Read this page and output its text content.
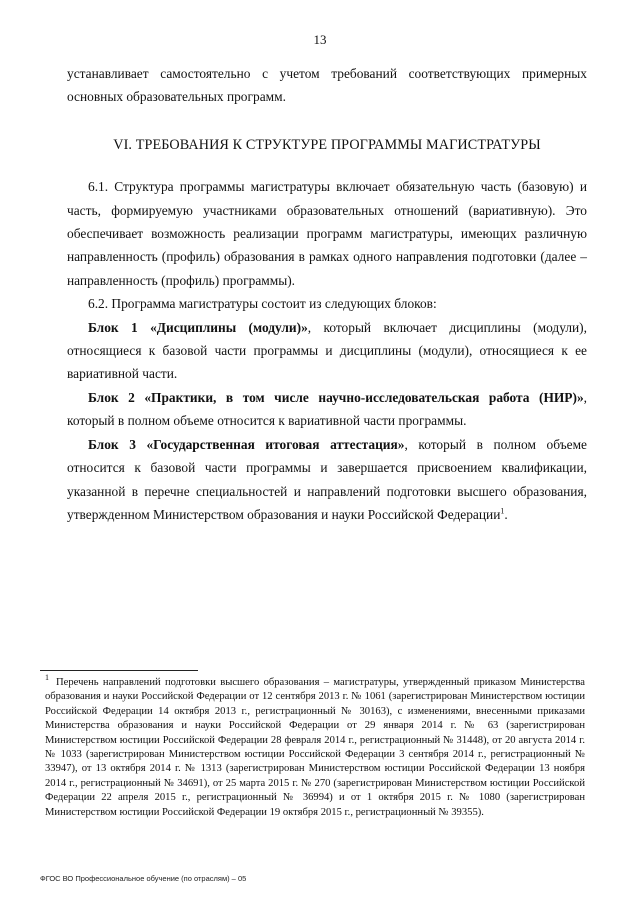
13

устанавливает самостоятельно с учетом требований соответствующих примерных основных образовательных программ.

VI. ТРЕБОВАНИЯ К СТРУКТУРЕ ПРОГРАММЫ МАГИСТРАТУРЫ

6.1. Структура программы магистратуры включает обязательную часть (базовую) и часть, формируемую участниками образовательных отношений (вариативную). Это обеспечивает возможность реализации программ магистратуры, имеющих различную направленность (профиль) образования в рамках одного направления подготовки (далее – направленность (профиль) программы).

6.2. Программа магистратуры состоит из следующих блоков:

Блок 1 «Дисциплины (модули)», который включает дисциплины (модули), относящиеся к базовой части программы и дисциплины (модули), относящиеся к ее вариативной части.

Блок 2 «Практики, в том числе научно-исследовательская работа (НИР)», который в полном объеме относится к вариативной части программы.

Блок 3 «Государственная итоговая аттестация», который в полном объеме относится к базовой части программы и завершается присвоением квалификации, указанной в перечне специальностей и направлений подготовки высшего образования, утвержденном Министерством образования и науки Российской Федерации$^1$.

$^1$ Перечень направлений подготовки высшего образования – магистратуры, утвержденный приказом Министерства образования и науки Российской Федерации от 12 сентября 2013 г. № 1061 (зарегистрирован Министерством юстиции Российской Федерации 14 октября 2013 г., регистрационный № 30163), с изменениями, внесенными приказами Министерства образования и науки Российской Федерации от 29 января 2014 г. № 63 (зарегистрирован Министерством юстиции Российской Федерации 28 февраля 2014 г., регистрационный № 31448), от 20 августа 2014 г. № 1033 (зарегистрирован Министерством юстиции Российской Федерации 3 сентября 2014 г., регистрационный № 33947), от 13 октября 2014 г. № 1313 (зарегистрирован Министерством юстиции Российской Федерации 13 ноября 2014 г., регистрационный № 34691), от 25 марта 2015 г. № 270 (зарегистрирован Министерством юстиции Российской Федерации 22 апреля 2015 г., регистрационный № 36994) и от 1 октября 2015 г. № 1080 (зарегистрирован Министерством юстиции Российской Федерации 19 октября 2015 г., регистрационный № 39355).

ФГОС ВО Профессиональное обучение (по отраслям) – 05
